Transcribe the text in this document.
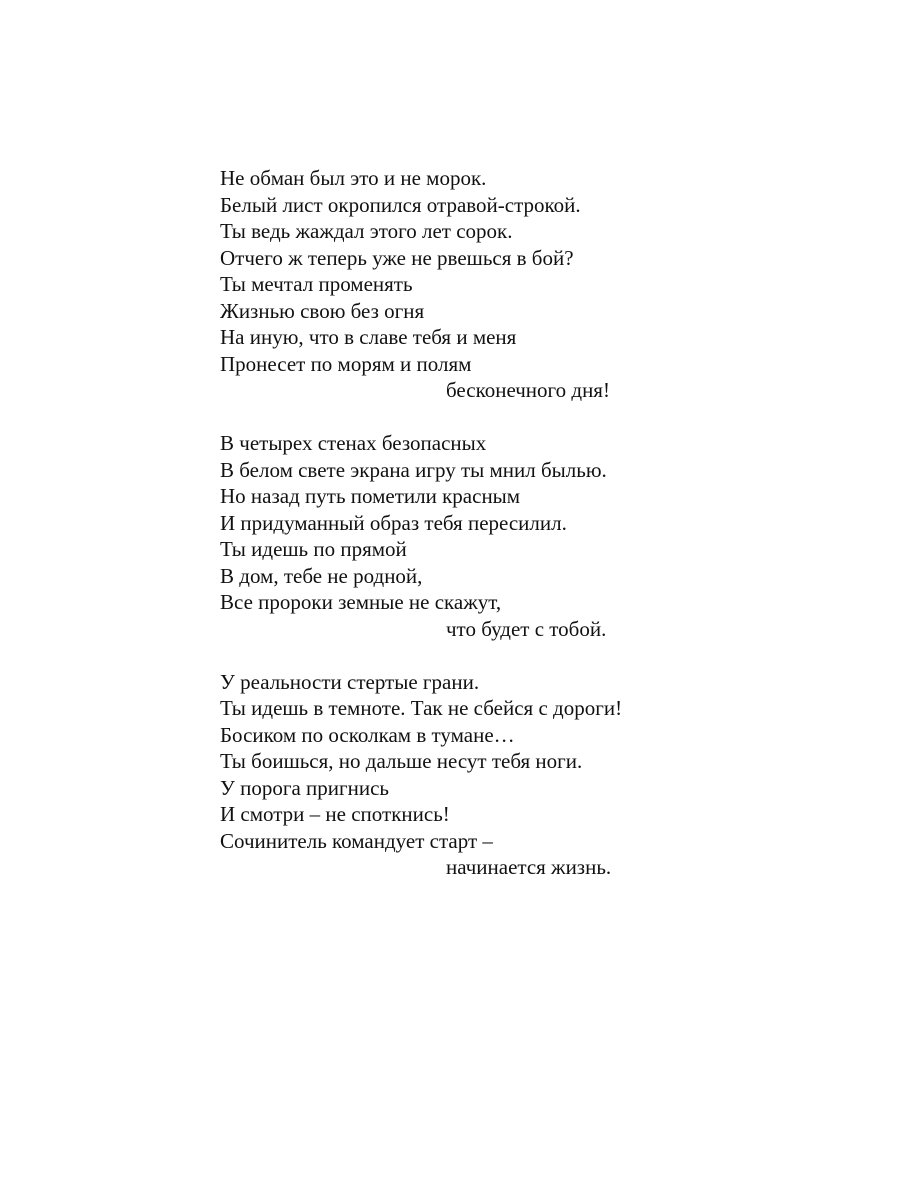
Не обман был это и не морок.
Белый лист окропился отравой-строкой.
Ты ведь жаждал этого лет сорок.
Отчего ж теперь уже не рвешься в бой?
Ты мечтал променять
Жизнью свою без огня
На иную, что в славе тебя и меня
Пронесет по морям и полям
бесконечного дня!
В четырех стенах безопасных
В белом свете экрана игру ты мнил былью.
Но назад путь пометили красным
И придуманный образ тебя пересилил.
Ты идешь по прямой
В дом, тебе не родной,
Все пророки земные не скажут,
что будет с тобой.
У реальности стертые грани.
Ты идешь в темноте. Так не сбейся с дороги!
Босиком по осколкам в тумане…
Ты боишься, но дальше несут тебя ноги.
У порога пригнись
И смотри – не споткнись!
Сочинитель командует старт –
начинается жизнь.
